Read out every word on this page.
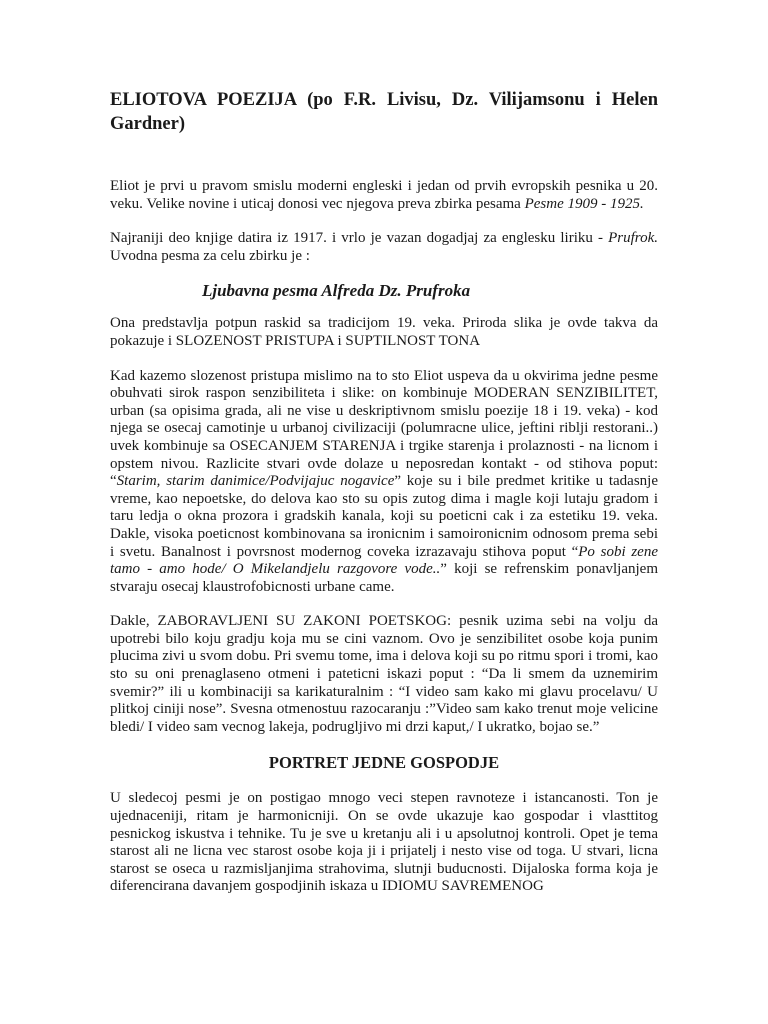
ELIOTOVA POEZIJA (po F.R. Livisu, Dz. Vilijamsonu i Helen Gardner)

Eliot je prvi u pravom smislu moderni engleski i jedan od prvih evropskih pesnika u 20. veku. Velike novine i uticaj donosi vec njegova preva zbirka pesama Pesme 1909 - 1925.

Najraniji deo knjige datira iz 1917. i vrlo je vazan dogadjaj za englesku liriku - Prufrok. Uvodna pesma za celu zbirku je :

Ljubavna pesma Alfreda Dz. Prufroka

Ona predstavlja potpun raskid sa tradicijom 19. veka. Priroda slika je ovde takva da pokazuje i SLOZENOST PRISTUPA i SUPTILNOST TONA

Kad kazemo slozenost pristupa mislimo na to sto Eliot uspeva da u okvirima jedne pesme obuhvati sirok raspon senzibiliteta i slike: on kombinuje MODERAN SENZIBILITET, urban (sa opisima grada, ali ne vise u deskriptivnom smislu poezije 18 i 19. veka) - kod njega se osecaj camotinje u urbanoj civilizaciji (polumracne ulice, jeftini riblji restorani..) uvek kombinuje sa OSECANJEM STARENJA i trgike starenja i prolaznosti - na licnom i opstem nivou. Razlicite stvari ovde dolaze u neposredan kontakt - od stihova poput: “Starim, starim danimice/Podvijajuc nogavice” koje su i bile predmet kritike u tadasnje vreme, kao nepoetske, do delova kao sto su opis zutog dima i magle koji lutaju gradom i taru ledja o okna prozora i gradskih kanala, koji su poeticni cak i za estetiku 19. veka. Dakle, visoka poeticnost kombinovana sa ironicnim i samoironicnim odnosom prema sebi i svetu. Banalnost i povrsnost modernog coveka izrazavaju stihova poput “Po sobi zene tamo - amo hode/ O Mikelandjelu razgovore vode..” koji se refrenskim ponavljanjem stvaraju osecaj klaustrofobicnosti urbane came.

Dakle, ZABORAVLJENI SU ZAKONI POETSKOG: pesnik uzima sebi na volju da upotrebi bilo koju gradju koja mu se cini vaznom. Ovo je senzibilitet osobe koja punim plucima zivi u svom dobu. Pri svemu tome, ima i delova koji su po ritmu spori i tromi, kao sto su oni prenaglaseno otmeni i pateticni iskazi poput : “Da li smem da uznemirim svemir?” ili u kombinaciji sa karikaturalnim : “I video sam kako mi glavu procelavu/ U plitkoj ciniji nose”. Svesna otmenostuu razocaranju :”Video sam kako trenut moje velicine bledi/ I video sam vecnog lakeja, podrugljivo mi drzi kaput,/ I ukratko, bojao se.”

PORTRET JEDNE GOSPODJE

U sledecoj pesmi je on postigao mnogo veci stepen ravnoteze i istancanosti. Ton je ujednaceniji, ritam je harmonicniji. On se ovde ukazuje kao gospodar i vlasttitog pesnickog iskustva i tehnike. Tu je sve u kretanju ali i u apsolutnoj kontroli. Opet je tema starost ali ne licna vec starost osobe koja ji i prijatelj i nesto vise od toga. U stvari, licna starost se oseca u razmisljanjima strahovima, slutnji buducnosti. Dijaloska forma koja je diferencirana davanjem gospodjinih iskaza u IDIOMU SAVREMENOG
